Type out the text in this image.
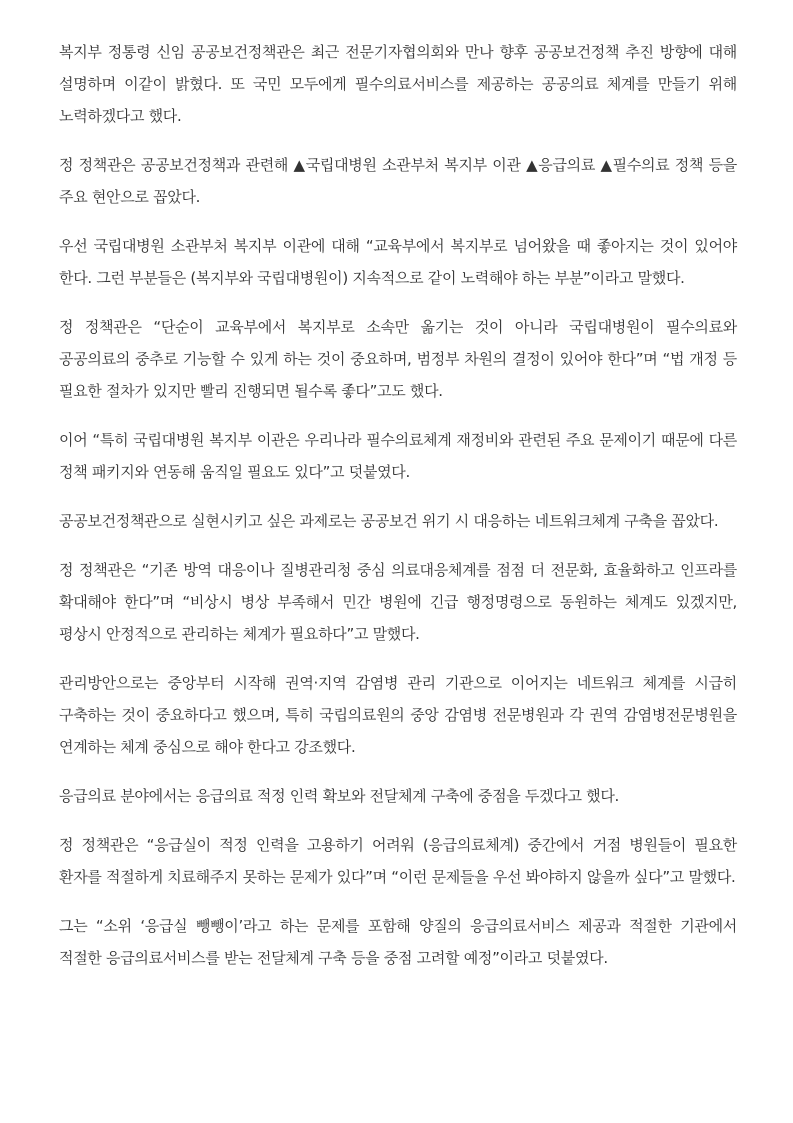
복지부 정통령 신임 공공보건정책관은 최근 전문기자협의회와 만나 향후 공공보건정책 추진 방향에 대해 설명하며 이같이 밝혔다. 또 국민 모두에게 필수의료서비스를 제공하는 공공의료 체계를 만들기 위해 노력하겠다고 했다.

정 정책관은 공공보건정책과 관련해 ▲국립대병원 소관부처 복지부 이관 ▲응급의료 ▲필수의료 정책 등을 주요 현안으로 꼽았다.

우선 국립대병원 소관부처 복지부 이관에 대해 “교육부에서 복지부로 넘어왔을 때 좋아지는 것이 있어야 한다. 그런 부분들은 (복지부와 국립대병원이) 지속적으로 같이 노력해야 하는 부분”이라고 말했다.

정 정책관은 “단순이 교육부에서 복지부로 소속만 옮기는 것이 아니라 국립대병원이 필수의료와 공공의료의 중추로 기능할 수 있게 하는 것이 중요하며, 범정부 차원의 결정이 있어야 한다”며 “법 개정 등 필요한 절차가 있지만 빨리 진행되면 될수록 좋다”고도 했다.

이어 “특히 국립대병원 복지부 이관은 우리나라 필수의료체계 재정비와 관련된 주요 문제이기 때문에 다른 정책 패키지와 연동해 움직일 필요도 있다”고 덧붙였다.

공공보건정책관으로 실현시키고 싶은 과제로는 공공보건 위기 시 대응하는 네트워크체계 구축을 꼽았다.

정 정책관은 “기존 방역 대응이나 질병관리청 중심 의료대응체계를 점점 더 전문화, 효율화하고 인프라를 확대해야 한다”며 “비상시 병상 부족해서 민간 병원에 긴급 행정명령으로 동원하는 체계도 있겠지만, 평상시 안정적으로 관리하는 체계가 필요하다”고 말했다.

관리방안으로는 중앙부터 시작해 권역·지역 감염병 관리 기관으로 이어지는 네트워크 체계를 시급히 구축하는 것이 중요하다고 했으며, 특히 국립의료원의 중앙 감염병 전문병원과 각 권역 감염병전문병원을 연계하는 체계 중심으로 해야 한다고 강조했다.

응급의료 분야에서는 응급의료 적정 인력 확보와 전달체계 구축에 중점을 두겠다고 했다.

정 정책관은 “응급실이 적정 인력을 고용하기 어려워 (응급의료체계) 중간에서 거점 병원들이 필요한 환자를 적절하게 치료해주지 못하는 문제가 있다”며 “이런 문제들을 우선 봐야하지 않을까 싶다”고 말했다.

그는 “소위 ‘응급실 뺑뺑이’라고 하는 문제를 포함해 양질의 응급의료서비스 제공과 적절한 기관에서 적절한 응급의료서비스를 받는 전달체계 구축 등을 중점 고려할 예정”이라고 덧붙였다.
